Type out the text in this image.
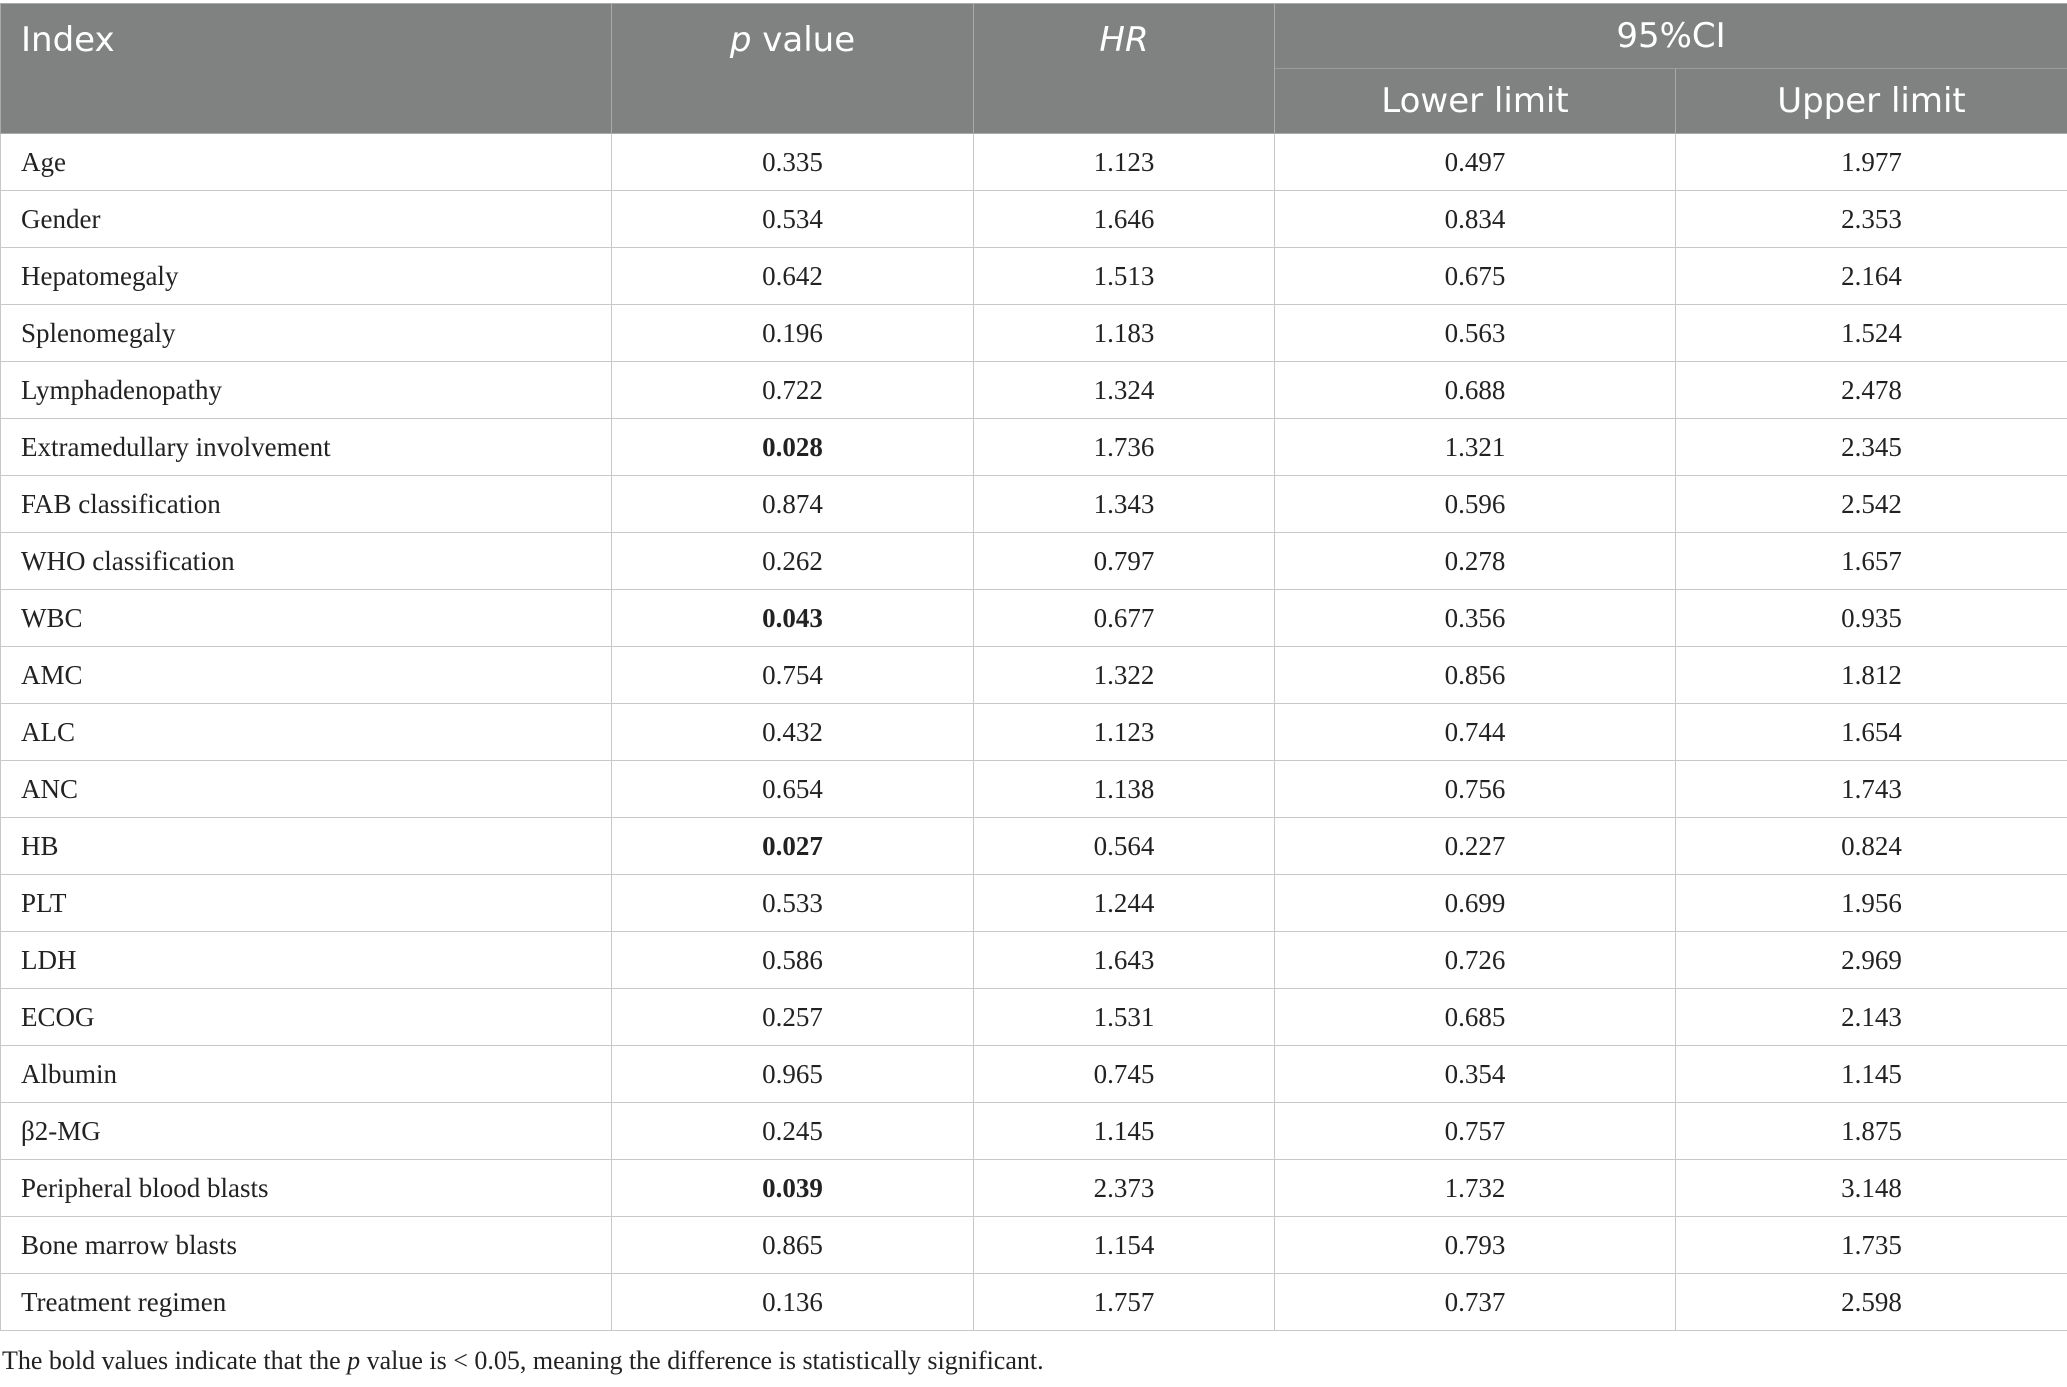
Index	p value	HR	95%CI	
			Lower limit	Upper limit
Age	0.335	1.123	0.497	1.977
Gender	0.534	1.646	0.834	2.353
Hepatomegaly	0.642	1.513	0.675	2.164
Splenomegaly	0.196	1.183	0.563	1.524
Lymphadenopathy	0.722	1.324	0.688	2.478
Extramedullary involvement	0.028	1.736	1.321	2.345
FAB classification	0.874	1.343	0.596	2.542
WHO classification	0.262	0.797	0.278	1.657
WBC	0.043	0.677	0.356	0.935
AMC	0.754	1.322	0.856	1.812
ALC	0.432	1.123	0.744	1.654
ANC	0.654	1.138	0.756	1.743
HB	0.027	0.564	0.227	0.824
PLT	0.533	1.244	0.699	1.956
LDH	0.586	1.643	0.726	2.969
ECOG	0.257	1.531	0.685	2.143
Albumin	0.965	0.745	0.354	1.145
β2-MG	0.245	1.145	0.757	1.875
Peripheral blood blasts	0.039	2.373	1.732	3.148
Bone marrow blasts	0.865	1.154	0.793	1.735
Treatment regimen	0.136	1.757	0.737	2.598
The bold values indicate that the p value is < 0.05, meaning the difference is statistically significant.
